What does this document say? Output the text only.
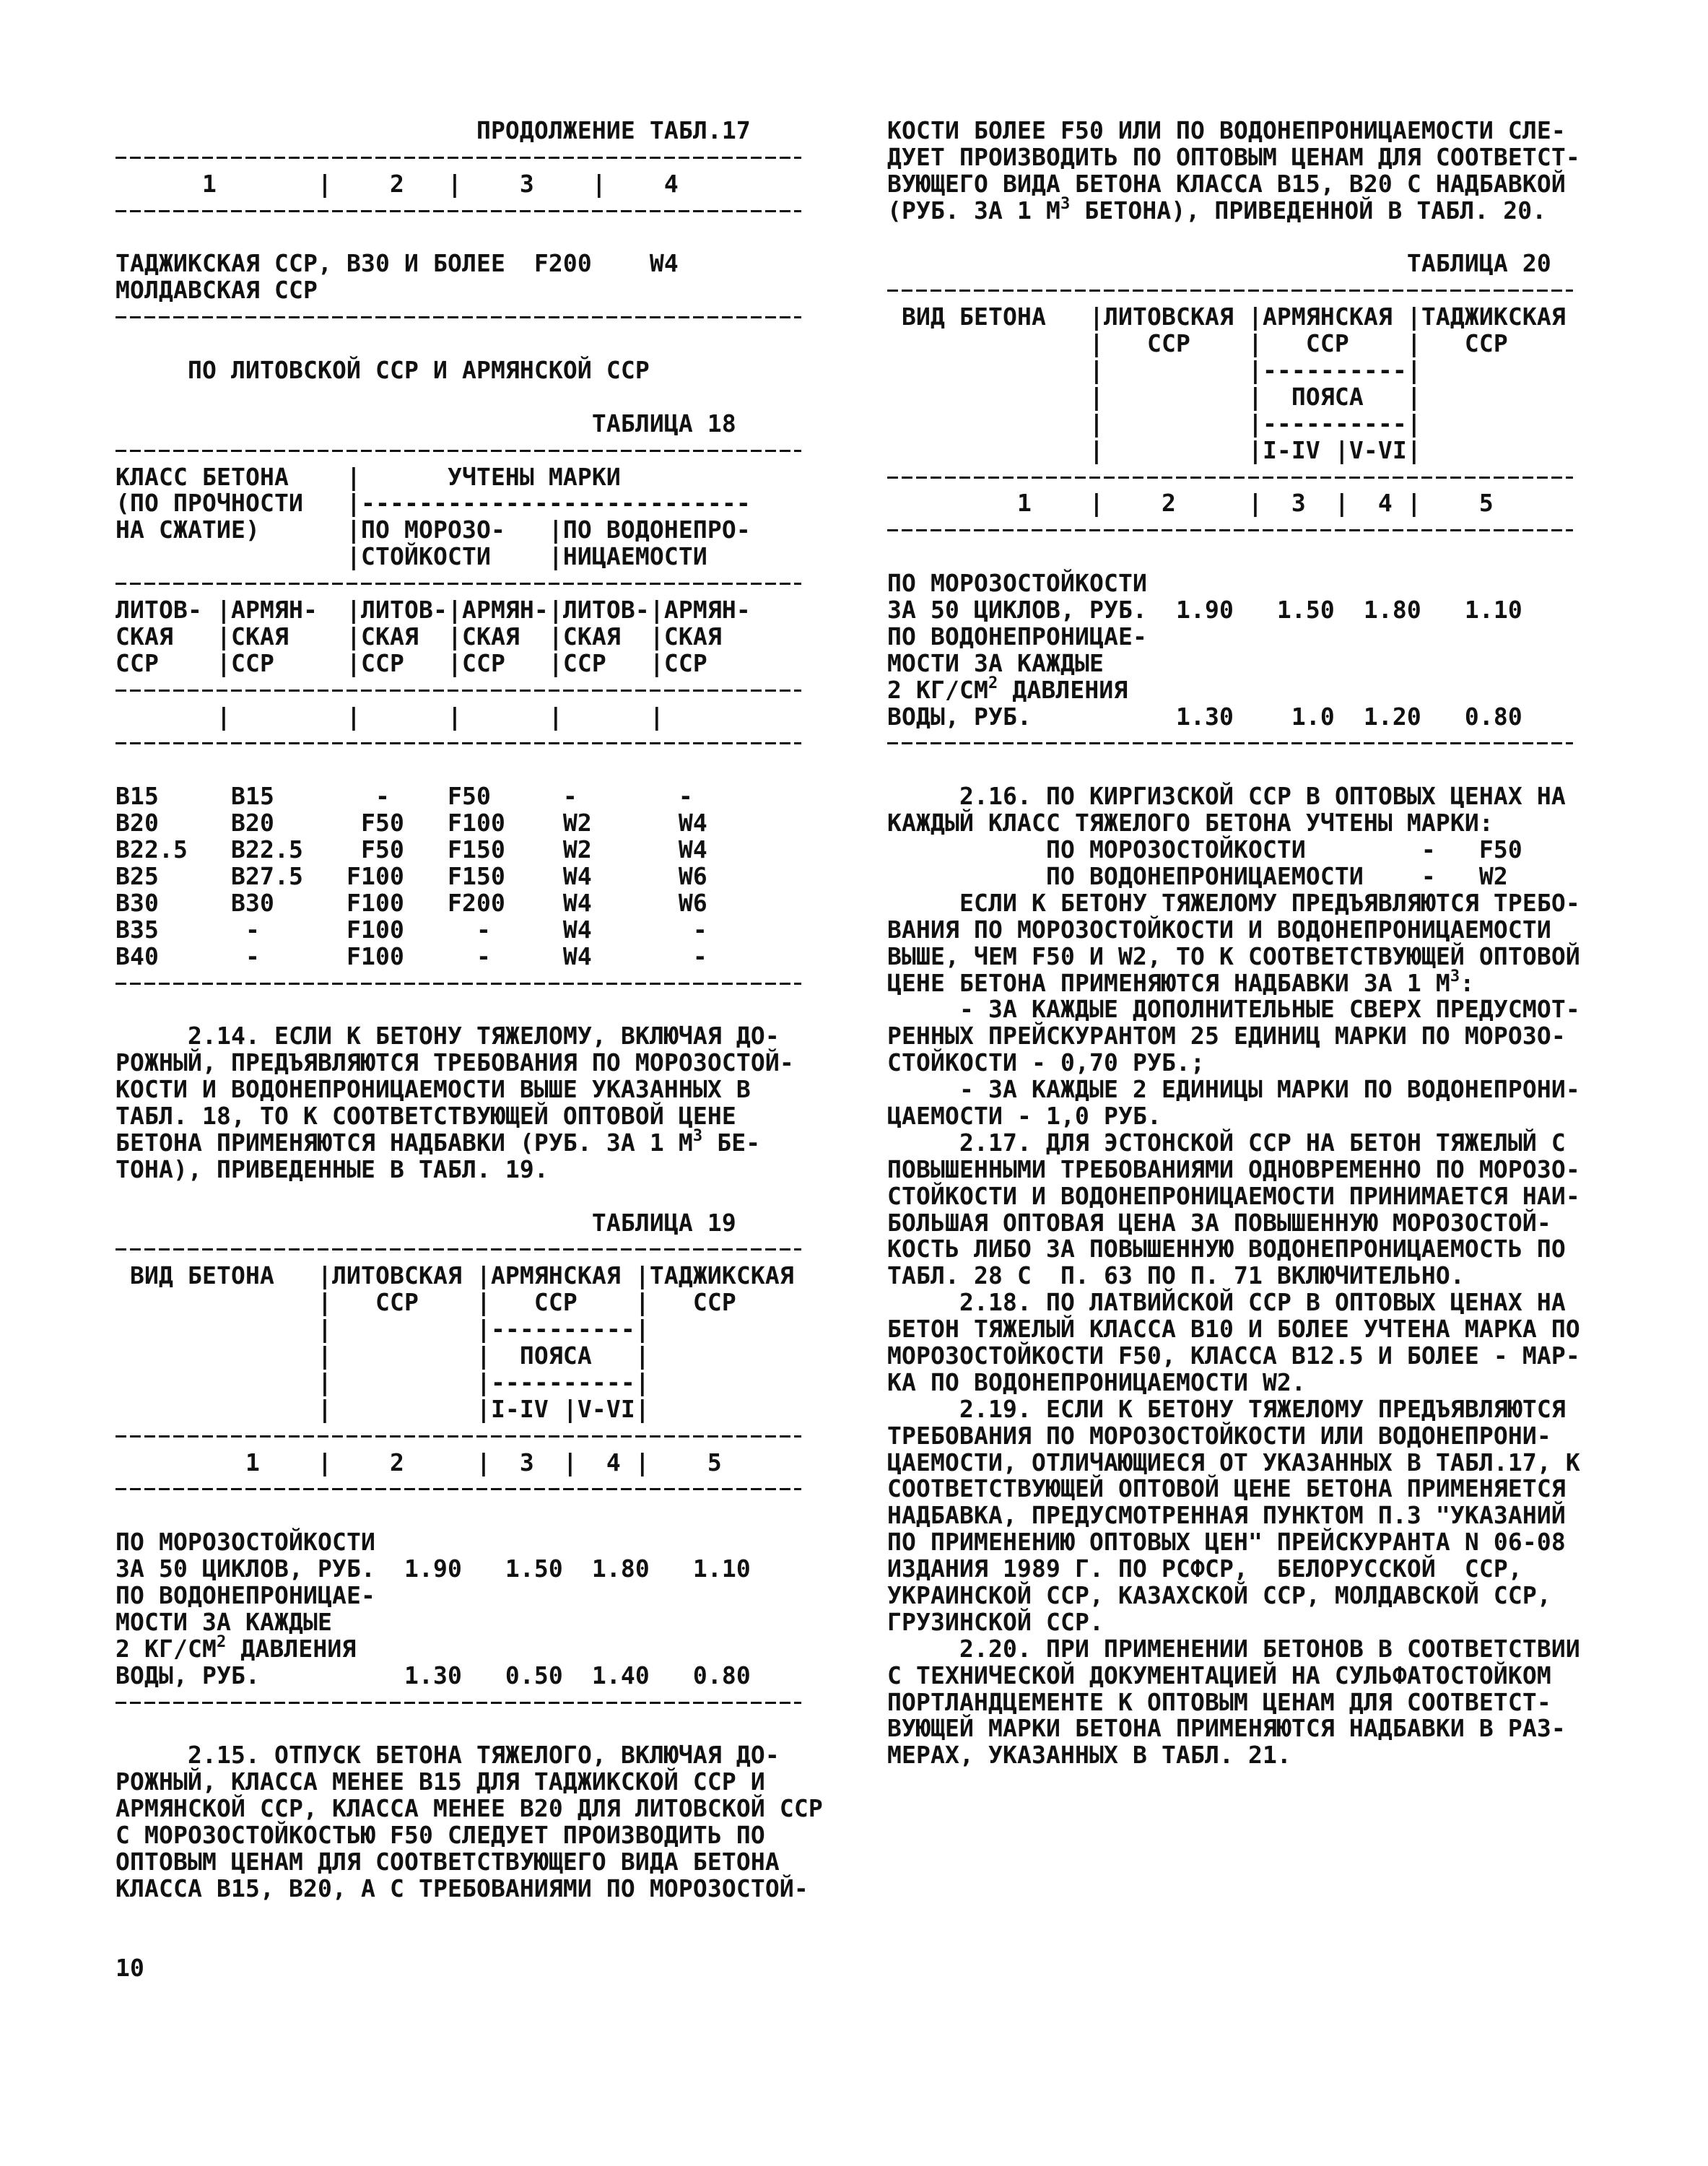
ПРОДОЛЖЕНИЕ ТАБЛ.17
1       |    2   |    3    |    4
ТАДЖИКСКАЯ ССР, В30 И БОЛЕЕ  F200    W4
МОЛДАВСКАЯ ССР
ПО ЛИТОВСКОЙ ССР И АРМЯНСКОЙ ССР
ТАБЛИЦА 18
КЛАСС БЕТОНА    |      УЧТЕНЫ МАРКИ
(ПО ПРОЧНОСТИ   |---------------------------
НА СЖАТИЕ)      |ПО МОРОЗО-   |ПО ВОДОНЕПРО-
|СТОЙКОСТИ    |НИЦАЕМОСТИ
ЛИТОВ- |АРМЯН-  |ЛИТОВ-|АРМЯН-|ЛИТОВ-|АРМЯН-
СКАЯ   |СКАЯ    |СКАЯ  |СКАЯ  |СКАЯ  |СКАЯ
ССР    |ССР     |ССР   |ССР   |ССР   |ССР
|        |      |      |      |
В15     В15       -    F50     -       -
В20     В20      F50   F100    W2      W4
В22.5   В22.5    F50   F150    W2      W4
В25     В27.5   F100   F150    W4      W6
В30     В30     F100   F200    W4      W6
В35      -      F100     -     W4       -
В40      -      F100     -     W4       -
2.14. ЕСЛИ К БЕТОНУ ТЯЖЕЛОМУ, ВКЛЮЧАЯ ДО-
РОЖНЫЙ, ПРЕДЪЯВЛЯЮТСЯ ТРЕБОВАНИЯ ПО МОРОЗОСТОЙ-
КОСТИ И ВОДОНЕПРОНИЦАЕМОСТИ ВЫШЕ УКАЗАННЫХ В
ТАБЛ. 18, ТО К СООТВЕТСТВУЮЩЕЙ ОПТОВОЙ ЦЕНЕ
БЕТОНА ПРИМЕНЯЮТСЯ НАДБАВКИ (РУБ. ЗА 1 $М^3$ БЕ-
ТОНА), ПРИВЕДЕННЫЕ В ТАБЛ. 19.
ТАБЛИЦА 19
ВИД БЕТОНА   |ЛИТОВСКАЯ |АРМЯНСКАЯ |ТАДЖИКСКАЯ
|   ССР    |   ССР    |   ССР
|          |----------|
|          |  ПОЯСА   |
|          |----------|
|          |I-IV |V-VI|
1    |    2     |  3  |  4 |    5
ПО МОРОЗОСТОЙКОСТИ
ЗА 50 ЦИКЛОВ, РУБ.  1.90   1.50  1.80   1.10
ПО ВОДОНЕПРОНИЦАЕ-
МОСТИ ЗА КАЖДЫЕ
2 $КГ/СМ^2$ ДАВЛЕНИЯ
ВОДЫ, РУБ.          1.30   0.50  1.40   0.80
2.15. ОТПУСК БЕТОНА ТЯЖЕЛОГО, ВКЛЮЧАЯ ДО-
РОЖНЫЙ, КЛАССА МЕНЕЕ В15 ДЛЯ ТАДЖИКСКОЙ ССР И
АРМЯНСКОЙ ССР, КЛАССА МЕНЕЕ В20 ДЛЯ ЛИТОВСКОЙ ССР
С МОРОЗОСТОЙКОСТЬЮ F50 СЛЕДУЕТ ПРОИЗВОДИТЬ ПО
ОПТОВЫМ ЦЕНАМ ДЛЯ СООТВЕТСТВУЮЩЕГО ВИДА БЕТОНА
КЛАССА В15, В20, А С ТРЕБОВАНИЯМИ ПО МОРОЗОСТОЙ-
10
КОСТИ БОЛЕЕ F50 ИЛИ ПО ВОДОНЕПРОНИЦАЕМОСТИ СЛЕ-
ДУЕТ ПРОИЗВОДИТЬ ПО ОПТОВЫМ ЦЕНАМ ДЛЯ СООТВЕТСТ-
ВУЮЩЕГО ВИДА БЕТОНА КЛАССА В15, В20 С НАДБАВКОЙ
(РУБ. ЗА 1 $М^3$ БЕТОНА), ПРИВЕДЕННОЙ В ТАБЛ. 20.
ТАБЛИЦА 20
ВИД БЕТОНА   |ЛИТОВСКАЯ |АРМЯНСКАЯ |ТАДЖИКСКАЯ
|   ССР    |   ССР    |   ССР
|          |----------|
|          |  ПОЯСА   |
|          |----------|
|          |I-IV |V-VI|
1    |    2     |  3  |  4 |    5
ПО МОРОЗОСТОЙКОСТИ
ЗА 50 ЦИКЛОВ, РУБ.  1.90   1.50  1.80   1.10
ПО ВОДОНЕПРОНИЦАЕ-
МОСТИ ЗА КАЖДЫЕ
2 $КГ/СМ^2$ ДАВЛЕНИЯ
ВОДЫ, РУБ.          1.30    1.0  1.20   0.80
2.16. ПО КИРГИЗСКОЙ ССР В ОПТОВЫХ ЦЕНАХ НА
КАЖДЫЙ КЛАСС ТЯЖЕЛОГО БЕТОНА УЧТЕНЫ МАРКИ:
ПО МОРОЗОСТОЙКОСТИ        -   F50
ПО ВОДОНЕПРОНИЦАЕМОСТИ    -   W2
ЕСЛИ К БЕТОНУ ТЯЖЕЛОМУ ПРЕДЪЯВЛЯЮТСЯ ТРЕБО-
ВАНИЯ ПО МОРОЗОСТОЙКОСТИ И ВОДОНЕПРОНИЦАЕМОСТИ
ВЫШЕ, ЧЕМ F50 И W2, ТО К СООТВЕТСТВУЮЩЕЙ ОПТОВОЙ
ЦЕНЕ БЕТОНА ПРИМЕНЯЮТСЯ НАДБАВКИ ЗА 1 $М^3$:
- ЗА КАЖДЫЕ ДОПОЛНИТЕЛЬНЫЕ СВЕРХ ПРЕДУСМОТ-
РЕННЫХ ПРЕЙСКУРАНТОМ 25 ЕДИНИЦ МАРКИ ПО МОРОЗО-
СТОЙКОСТИ - 0,70 РУБ.;
- ЗА КАЖДЫЕ 2 ЕДИНИЦЫ МАРКИ ПО ВОДОНЕПРОНИ-
ЦАЕМОСТИ - 1,0 РУБ.
2.17. ДЛЯ ЭСТОНСКОЙ ССР НА БЕТОН ТЯЖЕЛЫЙ С
ПОВЫШЕННЫМИ ТРЕБОВАНИЯМИ ОДНОВРЕМЕННО ПО МОРОЗО-
СТОЙКОСТИ И ВОДОНЕПРОНИЦАЕМОСТИ ПРИНИМАЕТСЯ НАИ-
БОЛЬШАЯ ОПТОВАЯ ЦЕНА ЗА ПОВЫШЕННУЮ МОРОЗОСТОЙ-
КОСТЬ ЛИБО ЗА ПОВЫШЕННУЮ ВОДОНЕПРОНИЦАЕМОСТЬ ПО
ТАБЛ. 28 С  П. 63 ПО П. 71 ВКЛЮЧИТЕЛЬНО.
2.18. ПО ЛАТВИЙСКОЙ ССР В ОПТОВЫХ ЦЕНАХ НА
БЕТОН ТЯЖЕЛЫЙ КЛАССА В10 И БОЛЕЕ УЧТЕНА МАРКА ПО
МОРОЗОСТОЙКОСТИ F50, КЛАССА В12.5 И БОЛЕЕ - МАР-
КА ПО ВОДОНЕПРОНИЦАЕМОСТИ W2.
2.19. ЕСЛИ К БЕТОНУ ТЯЖЕЛОМУ ПРЕДЪЯВЛЯЮТСЯ
ТРЕБОВАНИЯ ПО МОРОЗОСТОЙКОСТИ ИЛИ ВОДОНЕПРОНИ-
ЦАЕМОСТИ, ОТЛИЧАЮЩИЕСЯ ОТ УКАЗАННЫХ В ТАБЛ.17, К
СООТВЕТСТВУЮЩЕЙ ОПТОВОЙ ЦЕНЕ БЕТОНА ПРИМЕНЯЕТСЯ
НАДБАВКА, ПРЕДУСМОТРЕННАЯ ПУНКТОМ П.3 "УКАЗАНИЙ
ПО ПРИМЕНЕНИЮ ОПТОВЫХ ЦЕН" ПРЕЙСКУРАНТА N 06-08
ИЗДАНИЯ 1989 Г. ПО РСФСР,  БЕЛОРУССКОЙ  ССР,
УКРАИНСКОЙ ССР, КАЗАХСКОЙ ССР, МОЛДАВСКОЙ ССР,
ГРУЗИНСКОЙ ССР.
2.20. ПРИ ПРИМЕНЕНИИ БЕТОНОВ В СООТВЕТСТВИИ
С ТЕХНИЧЕСКОЙ ДОКУМЕНТАЦИЕЙ НА СУЛЬФАТОСТОЙКОМ
ПОРТЛАНДЦЕМЕНТЕ К ОПТОВЫМ ЦЕНАМ ДЛЯ СООТВЕТСТ-
ВУЮЩЕЙ МАРКИ БЕТОНА ПРИМЕНЯЮТСЯ НАДБАВКИ В РАЗ-
МЕРАХ, УКАЗАННЫХ В ТАБЛ. 21.
